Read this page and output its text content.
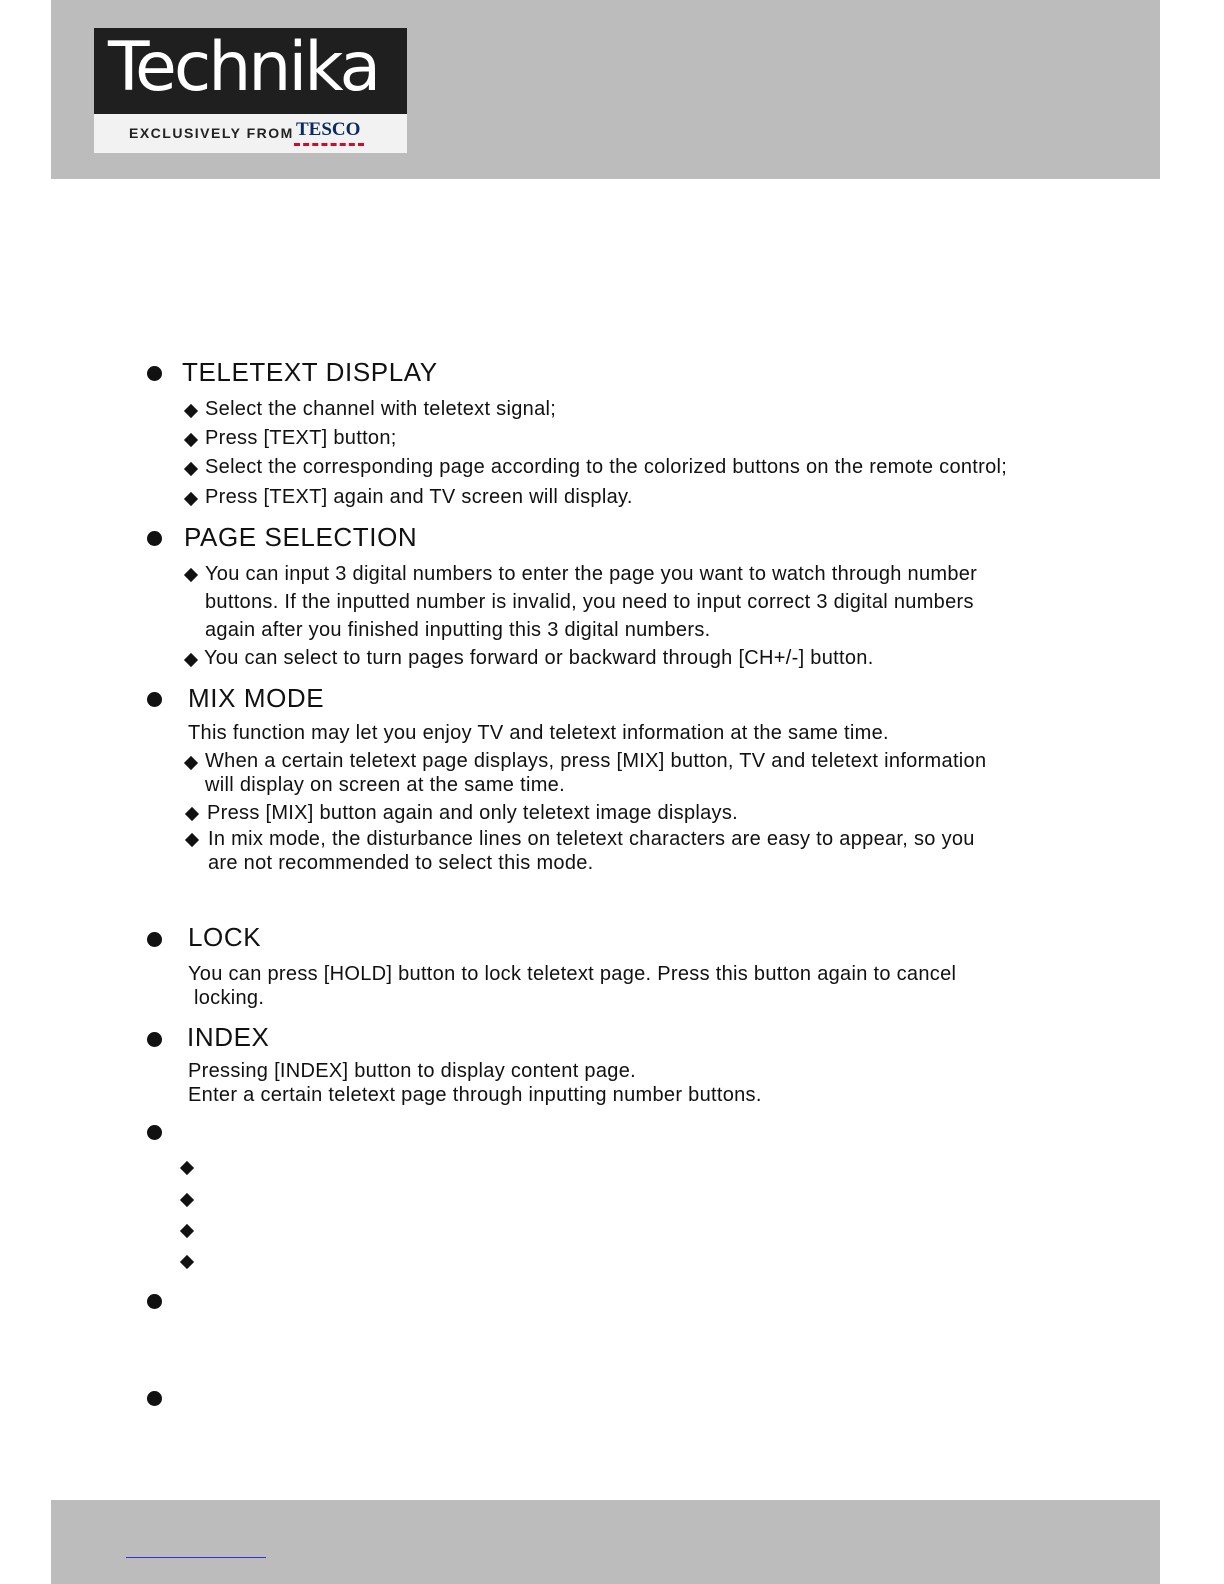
Technika
EXCLUSIVELY FROM TESCO
TELETEXT DISPLAY
Select the channel with teletext signal;
Press [TEXT] button;
Select the corresponding page according to the colorized buttons on the remote control;
Press [TEXT] again and TV screen will display.
PAGE SELECTION
You can input 3 digital numbers to enter the page you want to watch through number
buttons. If the inputted number is invalid, you need to input correct 3 digital numbers
again after you finished inputting this 3 digital numbers.
You can select to turn pages forward or backward through [CH+/-] button.
MIX MODE
This function may let you enjoy TV and teletext information at the same time.
When a certain teletext page displays, press [MIX] button, TV and teletext information
will display on screen at the same time.
Press [MIX] button again and only teletext image displays.
In mix mode, the disturbance lines on teletext characters are easy to appear, so you
are not recommended to select this mode.
LOCK
You can press [HOLD] button to lock teletext page. Press this button again to cancel
locking.
INDEX
Pressing [INDEX] button to display content page.
Enter a certain teletext page through inputting number buttons.
